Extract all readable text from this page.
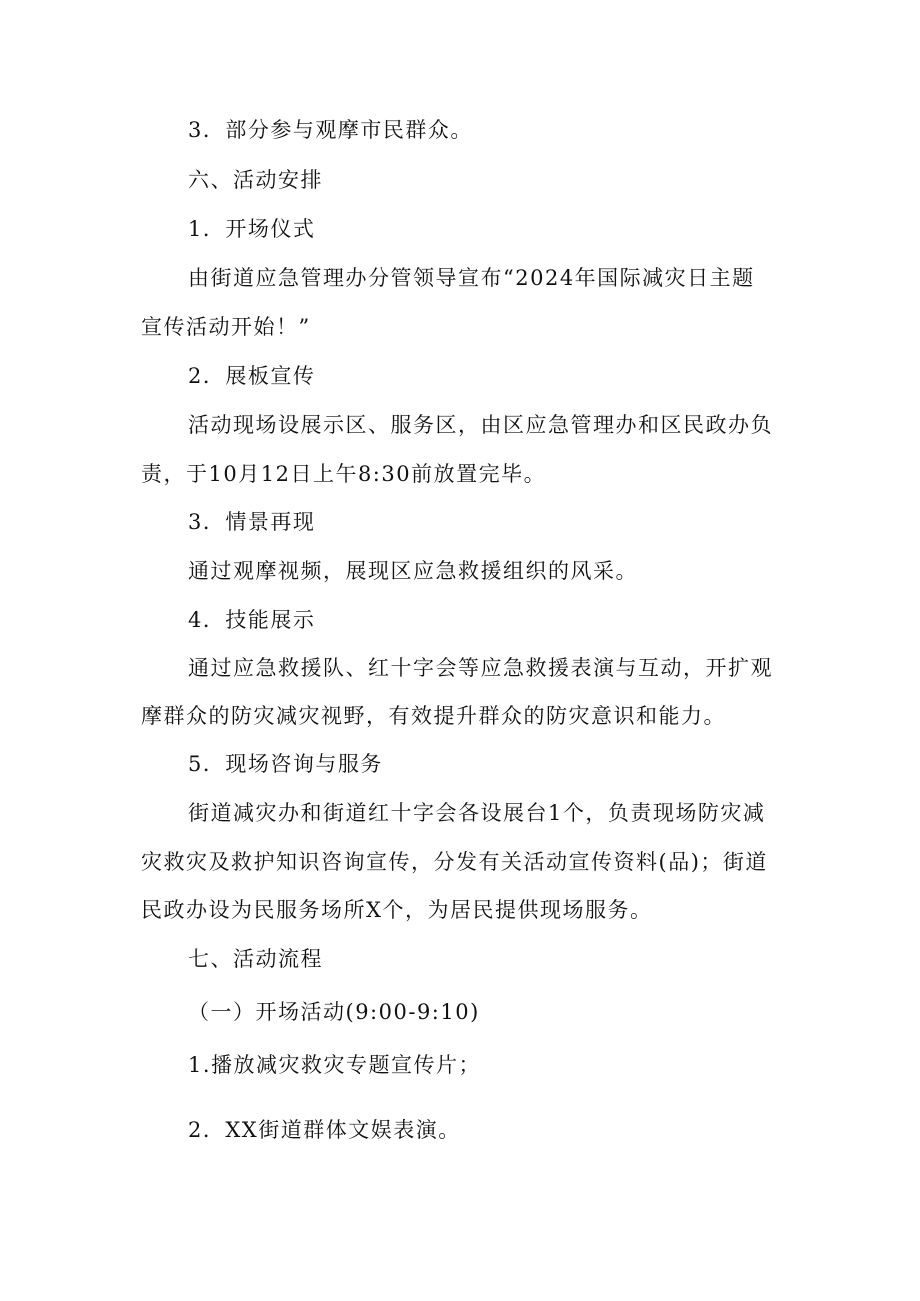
3．部分参与观摩市民群众。
六、活动安排
1．开场仪式
由街道应急管理办分管领导宣布“2024年国际减灾日主题
宣传活动开始！”
2．展板宣传
活动现场设展示区、服务区，由区应急管理办和区民政办负
责，于10月12日上午8:30前放置完毕。
3．情景再现
通过观摩视频，展现区应急救援组织的风采。
4．技能展示
通过应急救援队、红十字会等应急救援表演与互动，开扩观
摩群众的防灾减灾视野，有效提升群众的防灾意识和能力。
5．现场咨询与服务
街道减灾办和街道红十字会各设展台1个，负责现场防灾减
灾救灾及救护知识咨询宣传，分发有关活动宣传资料(品)；街道
民政办设为民服务场所X个，为居民提供现场服务。
七、活动流程
（一）开场活动(9:00-9:10)
1.播放减灾救灾专题宣传片；
2．XX街道群体文娱表演。
